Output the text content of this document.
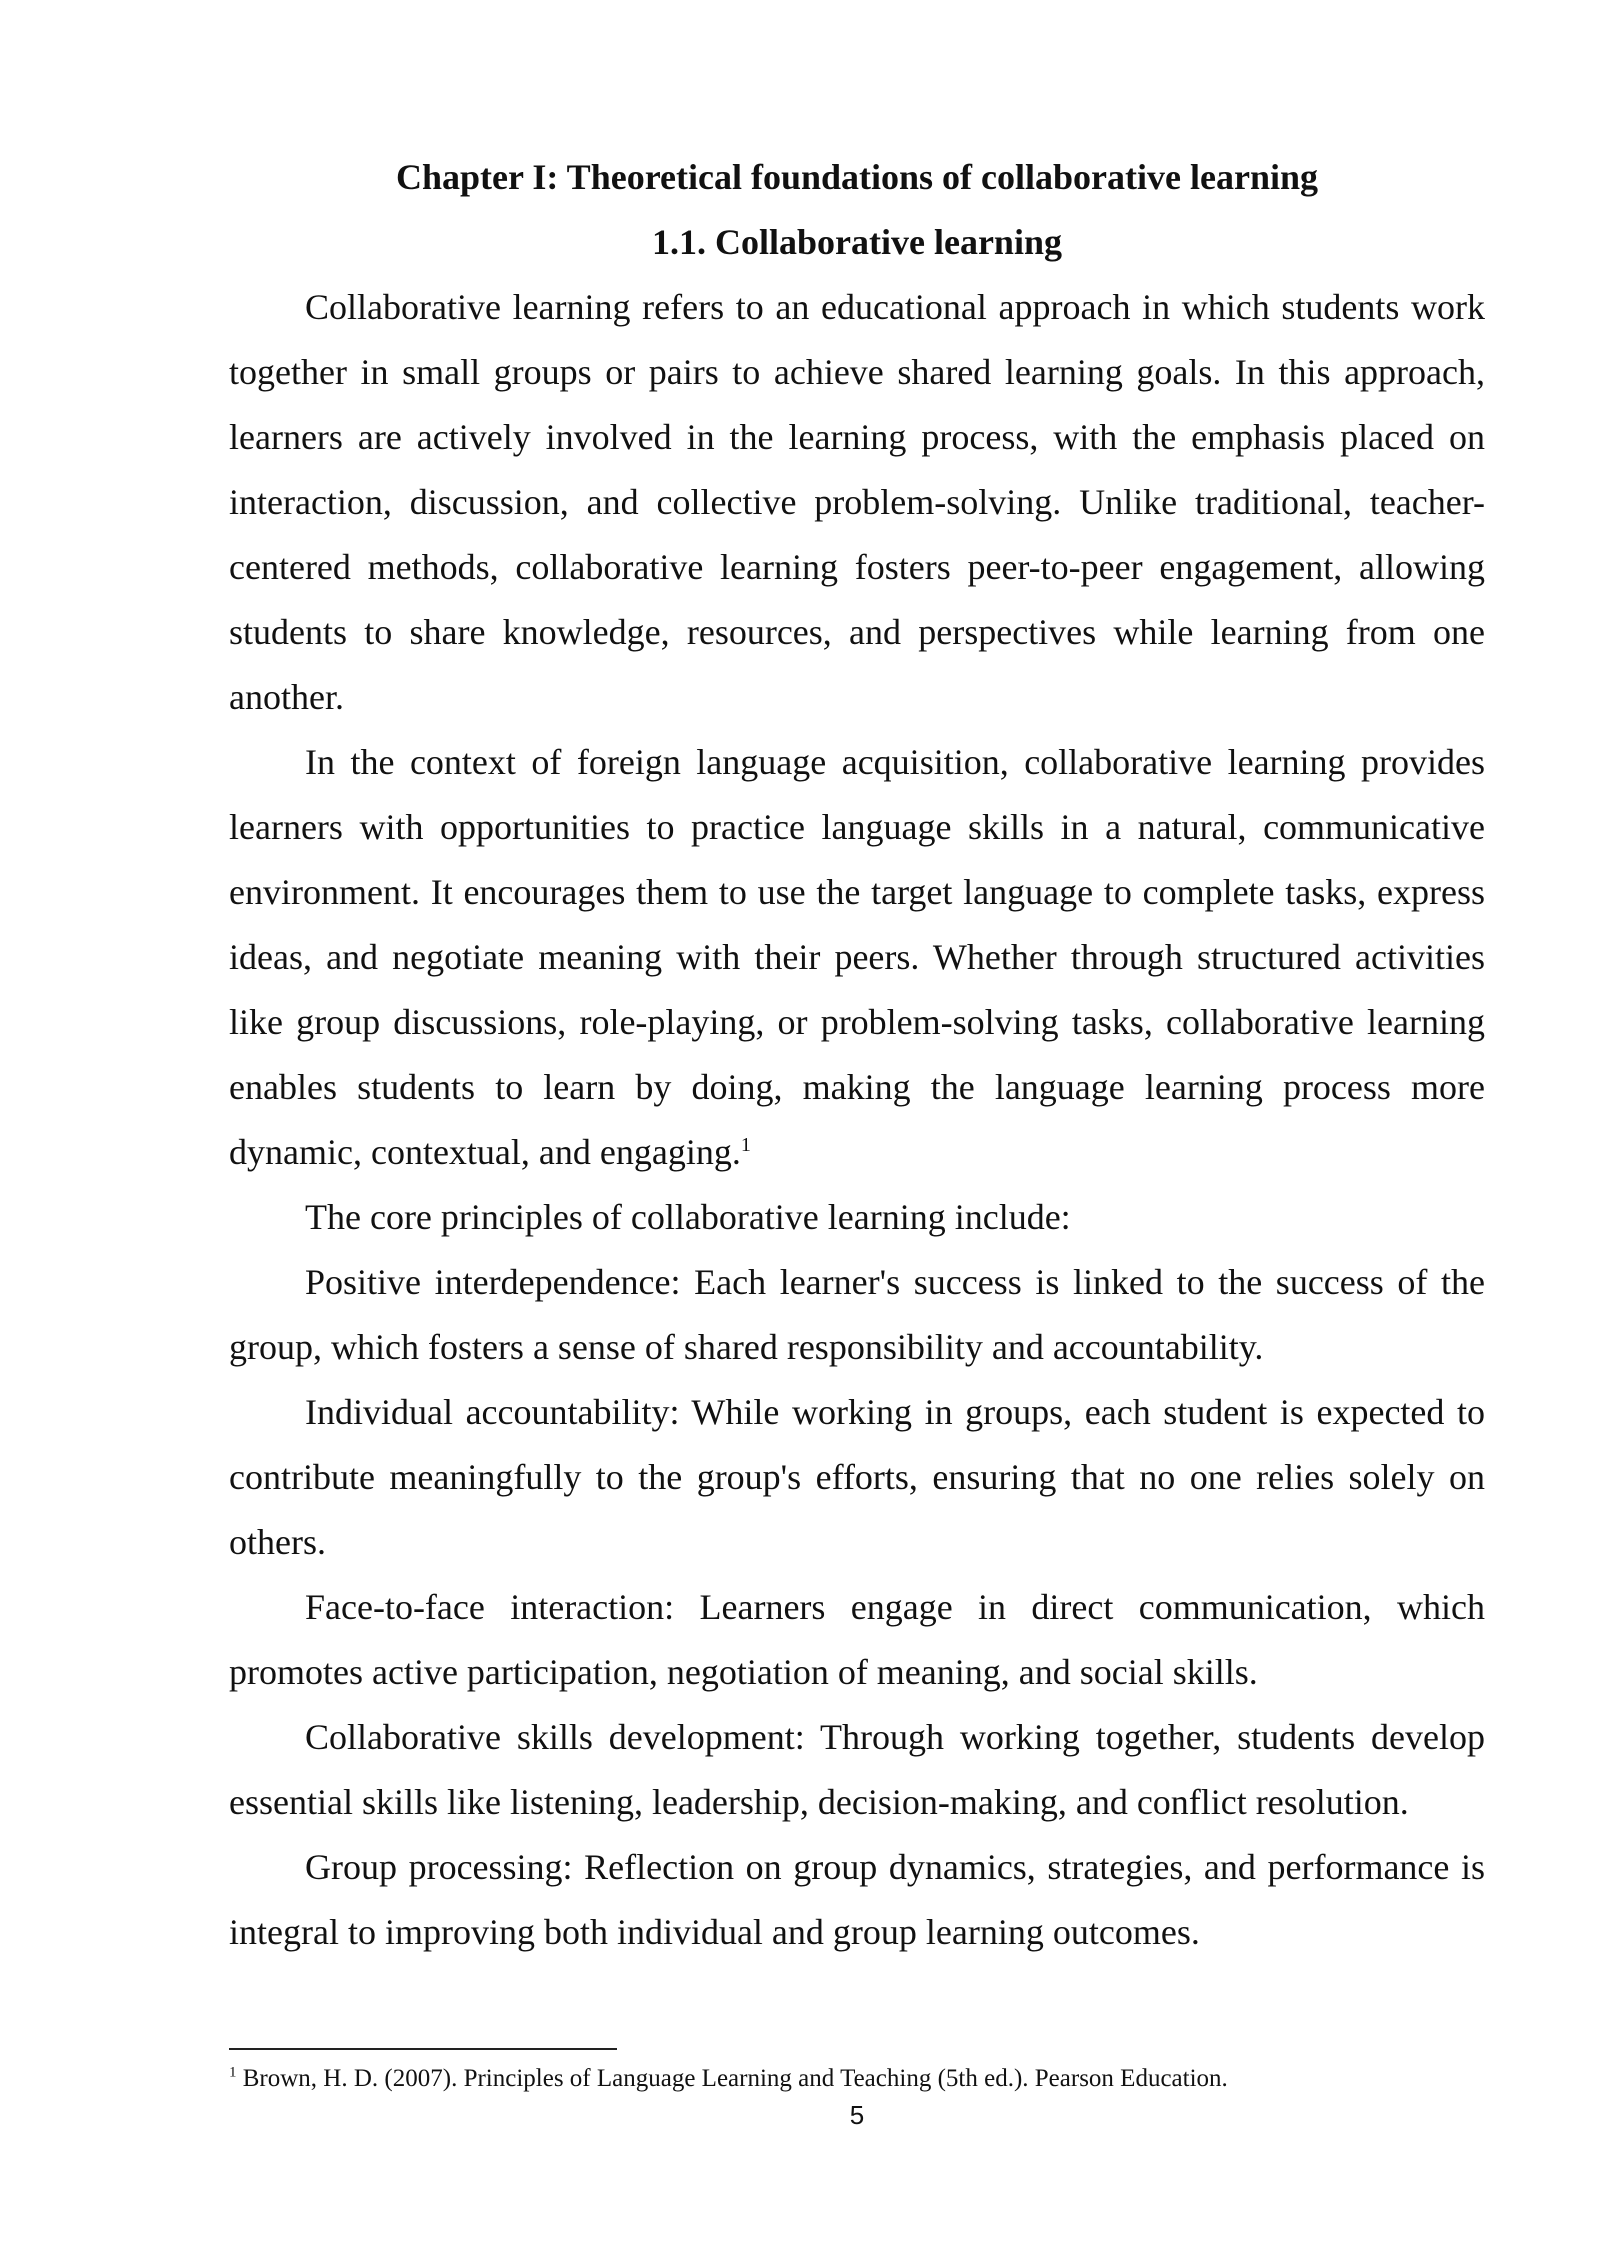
Chapter I: Theoretical foundations of collaborative learning
1.1. Collaborative learning

Collaborative learning refers to an educational approach in which students work together in small groups or pairs to achieve shared learning goals. In this approach, learners are actively involved in the learning process, with the emphasis placed on interaction, discussion, and collective problem-solving. Unlike traditional, teacher-centered methods, collaborative learning fosters peer-to-peer engagement, allowing students to share knowledge, resources, and perspectives while learning from one another.

In the context of foreign language acquisition, collaborative learning provides learners with opportunities to practice language skills in a natural, communicative environment. It encourages them to use the target language to complete tasks, express ideas, and negotiate meaning with their peers. Whether through structured activities like group discussions, role-playing, or problem-solving tasks, collaborative learning enables students to learn by doing, making the language learning process more dynamic, contextual, and engaging.$^1$

The core principles of collaborative learning include:

Positive interdependence: Each learner's success is linked to the success of the group, which fosters a sense of shared responsibility and accountability.

Individual accountability: While working in groups, each student is expected to contribute meaningfully to the group's efforts, ensuring that no one relies solely on others.

Face-to-face interaction: Learners engage in direct communication, which promotes active participation, negotiation of meaning, and social skills.

Collaborative skills development: Through working together, students develop essential skills like listening, leadership, decision-making, and conflict resolution.

Group processing: Reflection on group dynamics, strategies, and performance is integral to improving both individual and group learning outcomes.

$^1$ Brown, H. D. (2007). Principles of Language Learning and Teaching (5th ed.). Pearson Education.

5
